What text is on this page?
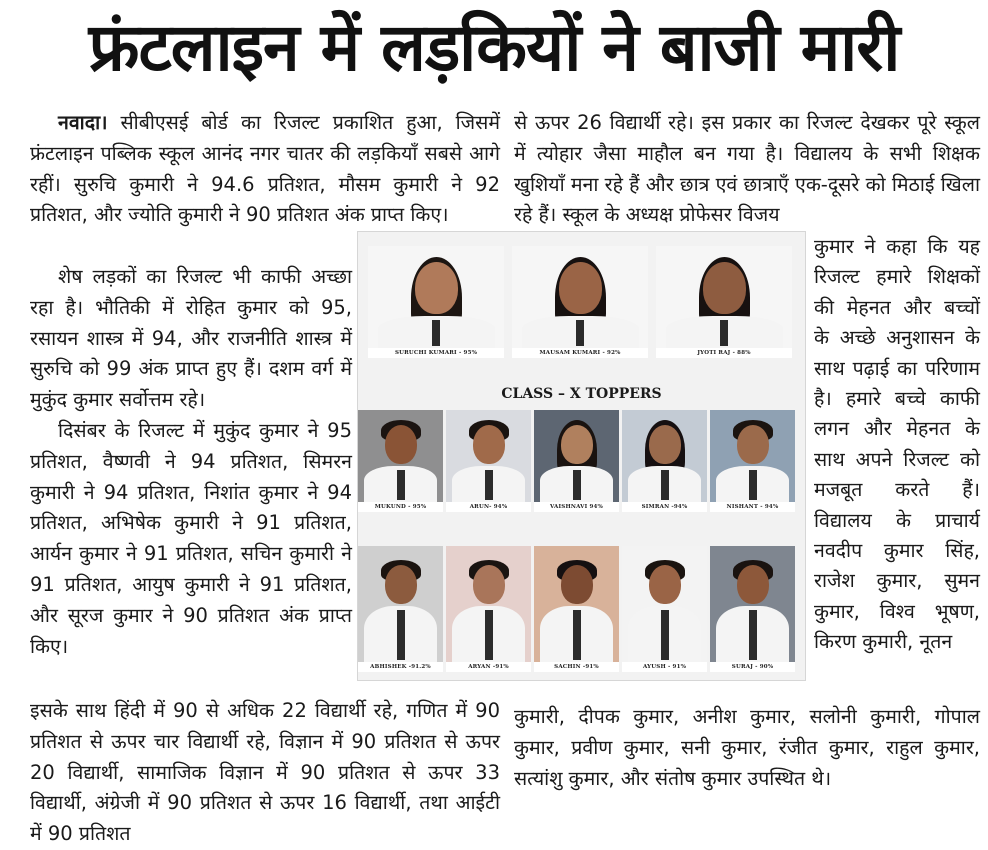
फ्रंटलाइन में लड़कियों ने बाजी मारी

नवादा। सीबीएसई बोर्ड का रिजल्ट प्रकाशित हुआ, जिसमें फ्रंटलाइन पब्लिक स्कूल आनंद नगर चातर की लड़कियाँ सबसे आगे रहीं। सुरुचि कुमारी ने 94.6 प्रतिशत, मौसम कुमारी ने 92 प्रतिशत, और ज्योति कुमारी ने 90 प्रतिशत अंक प्राप्त किए।

शेष लड़कों का रिजल्ट भी काफी अच्छा रहा है। भौतिकी में रोहित कुमार को 95, रसायन शास्त्र में 94, और राजनीति शास्त्र में सुरुचि को 99 अंक प्राप्त हुए हैं। दशम वर्ग में मुकुंद कुमार सर्वोत्तम रहे।

दिसंबर के रिजल्ट में मुकुंद कुमार ने 95 प्रतिशत, वैष्णवी ने 94 प्रतिशत, सिमरन कुमारी ने 94 प्रतिशत, निशांत कुमार ने 94 प्रतिशत, अभिषेक कुमारी ने 91 प्रतिशत, आर्यन कुमार ने 91 प्रतिशत, सचिन कुमारी ने 91 प्रतिशत, आयुष कुमारी ने 91 प्रतिशत, और सूरज कुमार ने 90 प्रतिशत अंक प्राप्त किए।

इसके साथ हिंदी में 90 से अधिक 22 विद्यार्थी रहे, गणित में 90 प्रतिशत से ऊपर चार विद्यार्थी रहे, विज्ञान में 90 प्रतिशत से ऊपर 20 विद्यार्थी, सामाजिक विज्ञान में 90 प्रतिशत से ऊपर 33 विद्यार्थी, अंग्रेजी में 90 प्रतिशत से ऊपर 16 विद्यार्थी, तथा आईटी में 90 प्रतिशत

से ऊपर 26 विद्यार्थी रहे। इस प्रकार का रिजल्ट देखकर पूरे स्कूल में त्योहार जैसा माहौल बन गया है। विद्यालय के सभी शिक्षक खुशियाँ मना रहे हैं और छात्र एवं छात्राएँ एक-दूसरे को मिठाई खिला रहे हैं। स्कूल के अध्यक्ष प्रोफेसर विजय

कुमार ने कहा कि यह रिजल्ट हमारे शिक्षकों की मेहनत और बच्चों के अच्छे अनुशासन के साथ पढ़ाई का परिणाम है। हमारे बच्चे काफी लगन और मेहनत के साथ अपने रिजल्ट को मजबूत करते हैं। विद्यालय के प्राचार्य नवदीप कुमार सिंह, राजेश कुमार, सुमन कुमार, विश्व भूषण, किरण कुमारी, नूतन

कुमारी, दीपक कुमार, अनीश कुमार, सलोनी कुमारी, गोपाल कुमार, प्रवीण कुमार, सनी कुमार, रंजीत कुमार, राहुल कुमार, सत्यांशु कुमार, और संतोष कुमार उपस्थित थे।

SURUCHI KUMARI - 95%	MAUSAM KUMARI - 92%	JYOTI RAJ - 88%
CLASS – X TOPPERS
MUKUND - 95%	ARUN- 94%	VAISHNAVI 94%	SIMRAN -94%	NISHANT - 94%
ABHISHEK -91.2%	ARYAN -91%	SACHIN -91%	AYUSH - 91%	SURAJ - 90%
